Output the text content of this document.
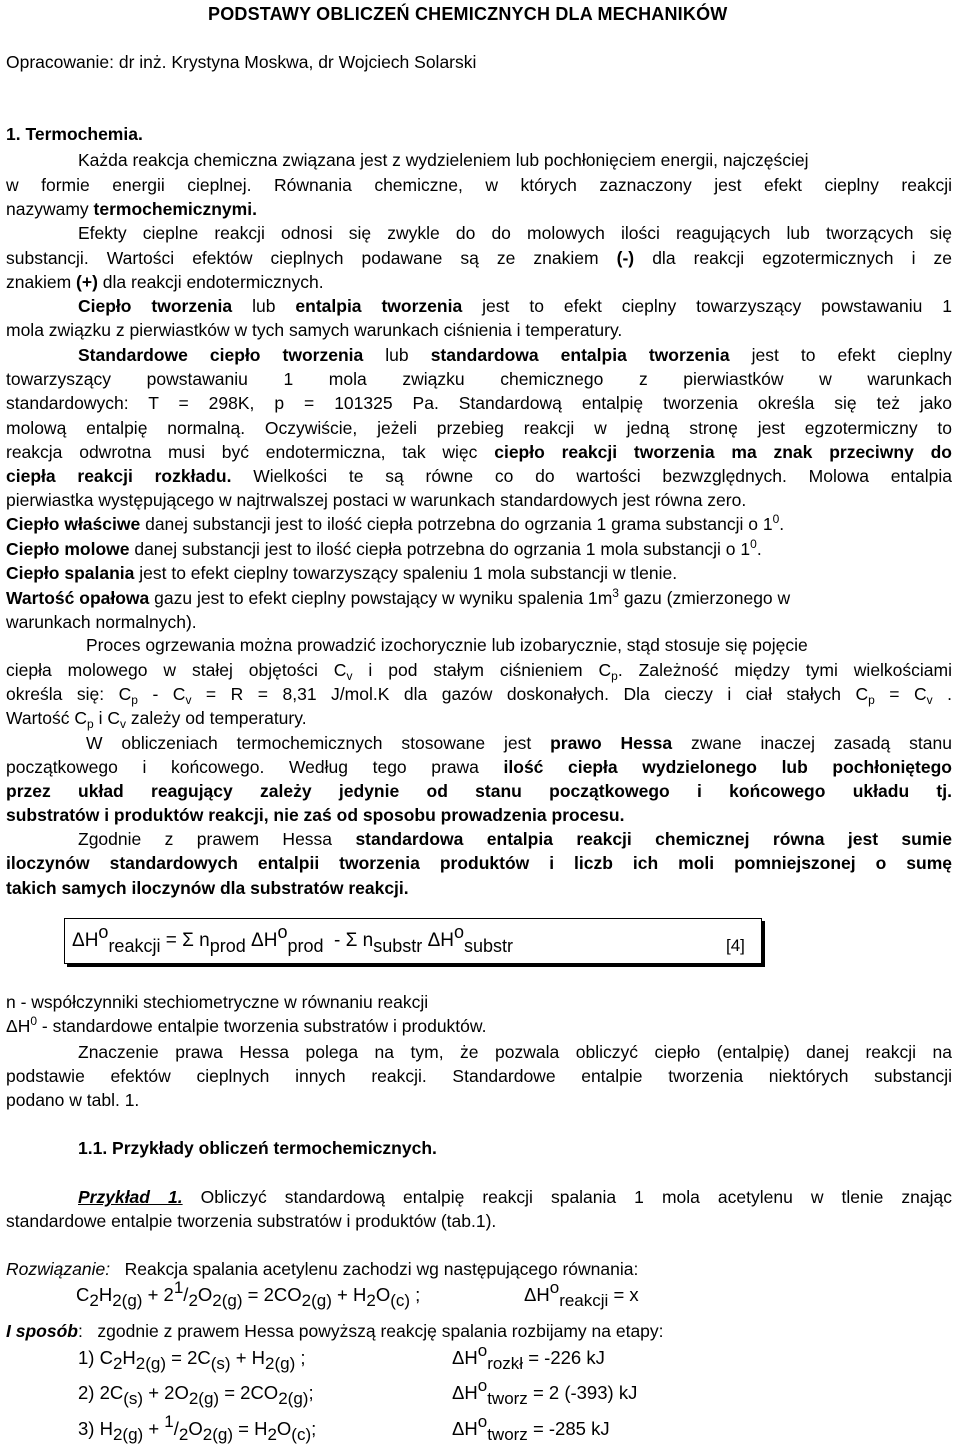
PODSTAWY OBLICZEŃ CHEMICZNYCH DLA MECHANIKÓW
Opracowanie: dr inż. Krystyna Moskwa, dr Wojciech Solarski
1. Termochemia.
Każda reakcja chemiczna związana jest z wydzieleniem lub pochłonięciem energii, najczęściej
w formie energii cieplnej. Równania chemiczne, w których zaznaczony jest efekt cieplny reakcji
nazywamy termochemicznymi.
Efekty cieplne reakcji odnosi się zwykle do do molowych ilości reagujących lub tworzących się
substancji. Wartości efektów cieplnych podawane są ze znakiem (-) dla reakcji egzotermicznych i ze
znakiem (+) dla reakcji endotermicznych.
Ciepło tworzenia lub entalpia tworzenia jest to efekt cieplny towarzyszący powstawaniu 1
mola związku z pierwiastków w tych samych warunkach ciśnienia i temperatury.
Standardowe ciepło tworzenia lub standardowa entalpia tworzenia jest to efekt cieplny
towarzyszący powstawaniu 1 mola związku chemicznego z pierwiastków w warunkach
standardowych: T = 298K, p = 101325 Pa. Standardową entalpię tworzenia określa się też jako
molową entalpię normalną. Oczywiście, jeżeli przebieg reakcji w jedną stronę jest egzotermiczny to
reakcja odwrotna musi być endotermiczna, tak więc ciepło reakcji tworzenia ma znak przeciwny do
ciepła reakcji rozkładu. Wielkości te są równe co do wartości bezwzględnych. Molowa entalpia
pierwiastka występującego w najtrwalszej postaci w warunkach standardowych jest równa zero.
Ciepło właściwe danej substancji jest to ilość ciepła potrzebna do ogrzania 1 grama substancji o $1^0$.
Ciepło molowe danej substancji jest to ilość ciepła potrzebna do ogrzania 1 mola substancji o $1^0$.
Ciepło spalania jest to efekt cieplny towarzyszący spaleniu 1 mola substancji w tlenie.
Wartość opałowa gazu jest to efekt cieplny powstający w wyniku spalenia $1m^3$ gazu (zmierzonego w
warunkach normalnych).
Proces ogrzewania można prowadzić izochorycznie lub izobarycznie, stąd stosuje się pojęcie
ciepła molowego w stałej objętości $C_v$ i pod stałym ciśnieniem $C_p$. Zależność między tymi wielkościami
określa się: $C_p - C_v = R = 8,31$ J/mol.K dla gazów doskonałych. Dla cieczy i ciał stałych $C_p = C_v$ .
Wartość $C_p$ i $C_v$ zależy od temperatury.
W obliczeniach termochemicznych stosowane jest prawo Hessa zwane inaczej zasadą stanu
początkowego i końcowego. Według tego prawa ilość ciepła wydzielonego lub pochłoniętego
przez układ reagujący zależy jedynie od stanu początkowego i końcowego układu tj.
substratów i produktów reakcji, nie zaś od sposobu prowadzenia procesu.
Zgodnie z prawem Hessa standardowa entalpia reakcji chemicznej równa jest sumie
iloczynów standardowych entalpii tworzenia produktów i liczb ich moli pomniejszonej o sumę
takich samych iloczynów dla substratów reakcji.
$\Delta H^o_{reakcji} = \Sigma$ $n_{prod}$ $\Delta H^o_{prod}$  - Σ $n_{substr}$ $\Delta H^o_{substr}$	[4]
n - współczynniki stechiometryczne w równaniu reakcji
$\Delta H^0$ - standardowe entalpie tworzenia substratów i produktów.
Znaczenie prawa Hessa polega na tym, że pozwala obliczyć ciepło (entalpię) danej reakcji na
podstawie efektów cieplnych innych reakcji. Standardowe entalpie tworzenia niektórych substancji
podano w tabl. 1.
1.1. Przykłady obliczeń termochemicznych.
Przykład 1. Obliczyć standardową entalpię reakcji spalania 1 mola acetylenu w tlenie znając
standardowe entalpie tworzenia substratów i produktów (tab.1).
Rozwiązanie: Reakcja spalania acetylenu zachodzi wg następującego równania:
$C_2H_{2(g)} + 2^1/_2O_{2(g)} = 2CO_{2(g)} + H_2O_{(c)}$ ;	$\Delta H^o_{reakcji} = x$
I sposób: zgodnie z prawem Hessa powyższą reakcję spalania rozbijamy na etapy:
1) $C_2H_{2(g)} = 2C_{(s)} + H_{2(g)}$ ;	$\Delta H^o_{rozkł} = -226$ kJ
2) $2C_{(s)} + 2O_{2(g)} = 2CO_{2(g)}$;	$\Delta H^o_{tworz} = 2$ (-393) kJ
3) $H_{2(g)} + ^1/_2O_{2(g)} = H_2O_{(c)}$;	$\Delta H^o_{tworz} = -285$ kJ
